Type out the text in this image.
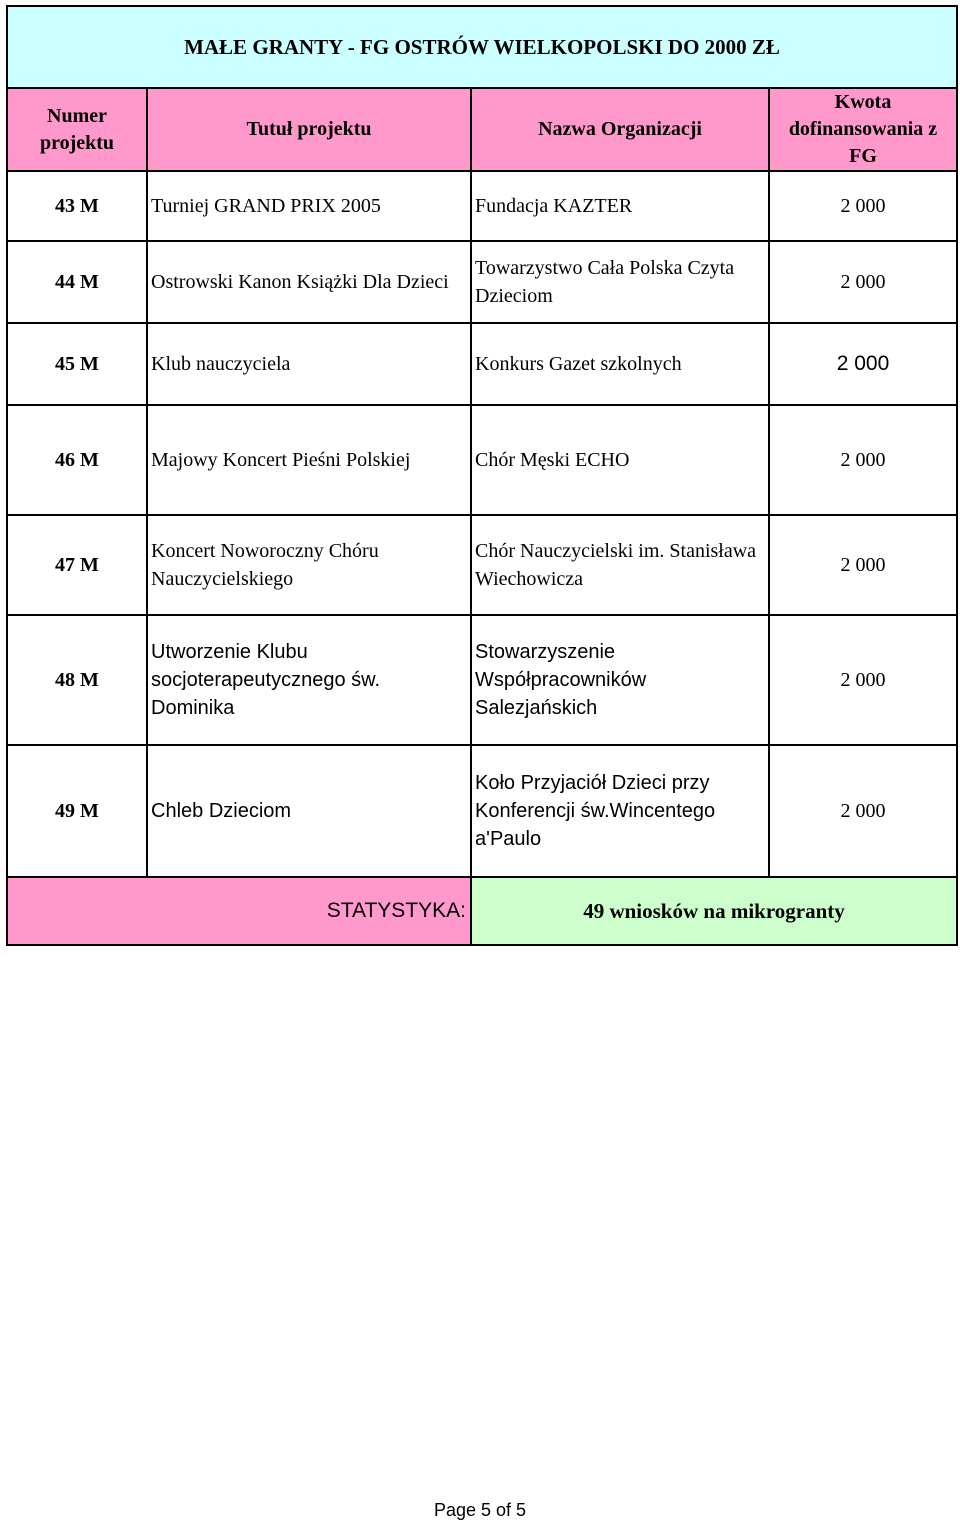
MAŁE GRANTY - FG OSTRÓW WIELKOPOLSKI DO 2000 ZŁ			
Numer projektu	Tutuł projektu	Nazwa Organizacji	Kwota dofinansowania z FG
43 M	Turniej GRAND PRIX 2005	Fundacja KAZTER	2 000
44 M	Ostrowski Kanon Książki Dla Dzieci	Towarzystwo Cała Polska Czyta Dzieciom	2 000
45 M	Klub nauczyciela	Konkurs Gazet szkolnych	2 000
46 M	Majowy Koncert Pieśni Polskiej	Chór Męski ECHO	2 000
47 M	Koncert Noworoczny Chóru Nauczycielskiego	Chór Nauczycielski im. Stanisława Wiechowicza	2 000
48 M	Utworzenie Klubu socjoterapeutycznego św. Dominika	Stowarzyszenie Współpracowników Salezjańskich	2 000
49 M	Chleb Dzieciom	Koło Przyjaciół Dzieci przy Konferencji św.Wincentego a'Paulo	2 000
STATYSTYKA:		49 wniosków na mikrogranty	
Page 5 of 5
